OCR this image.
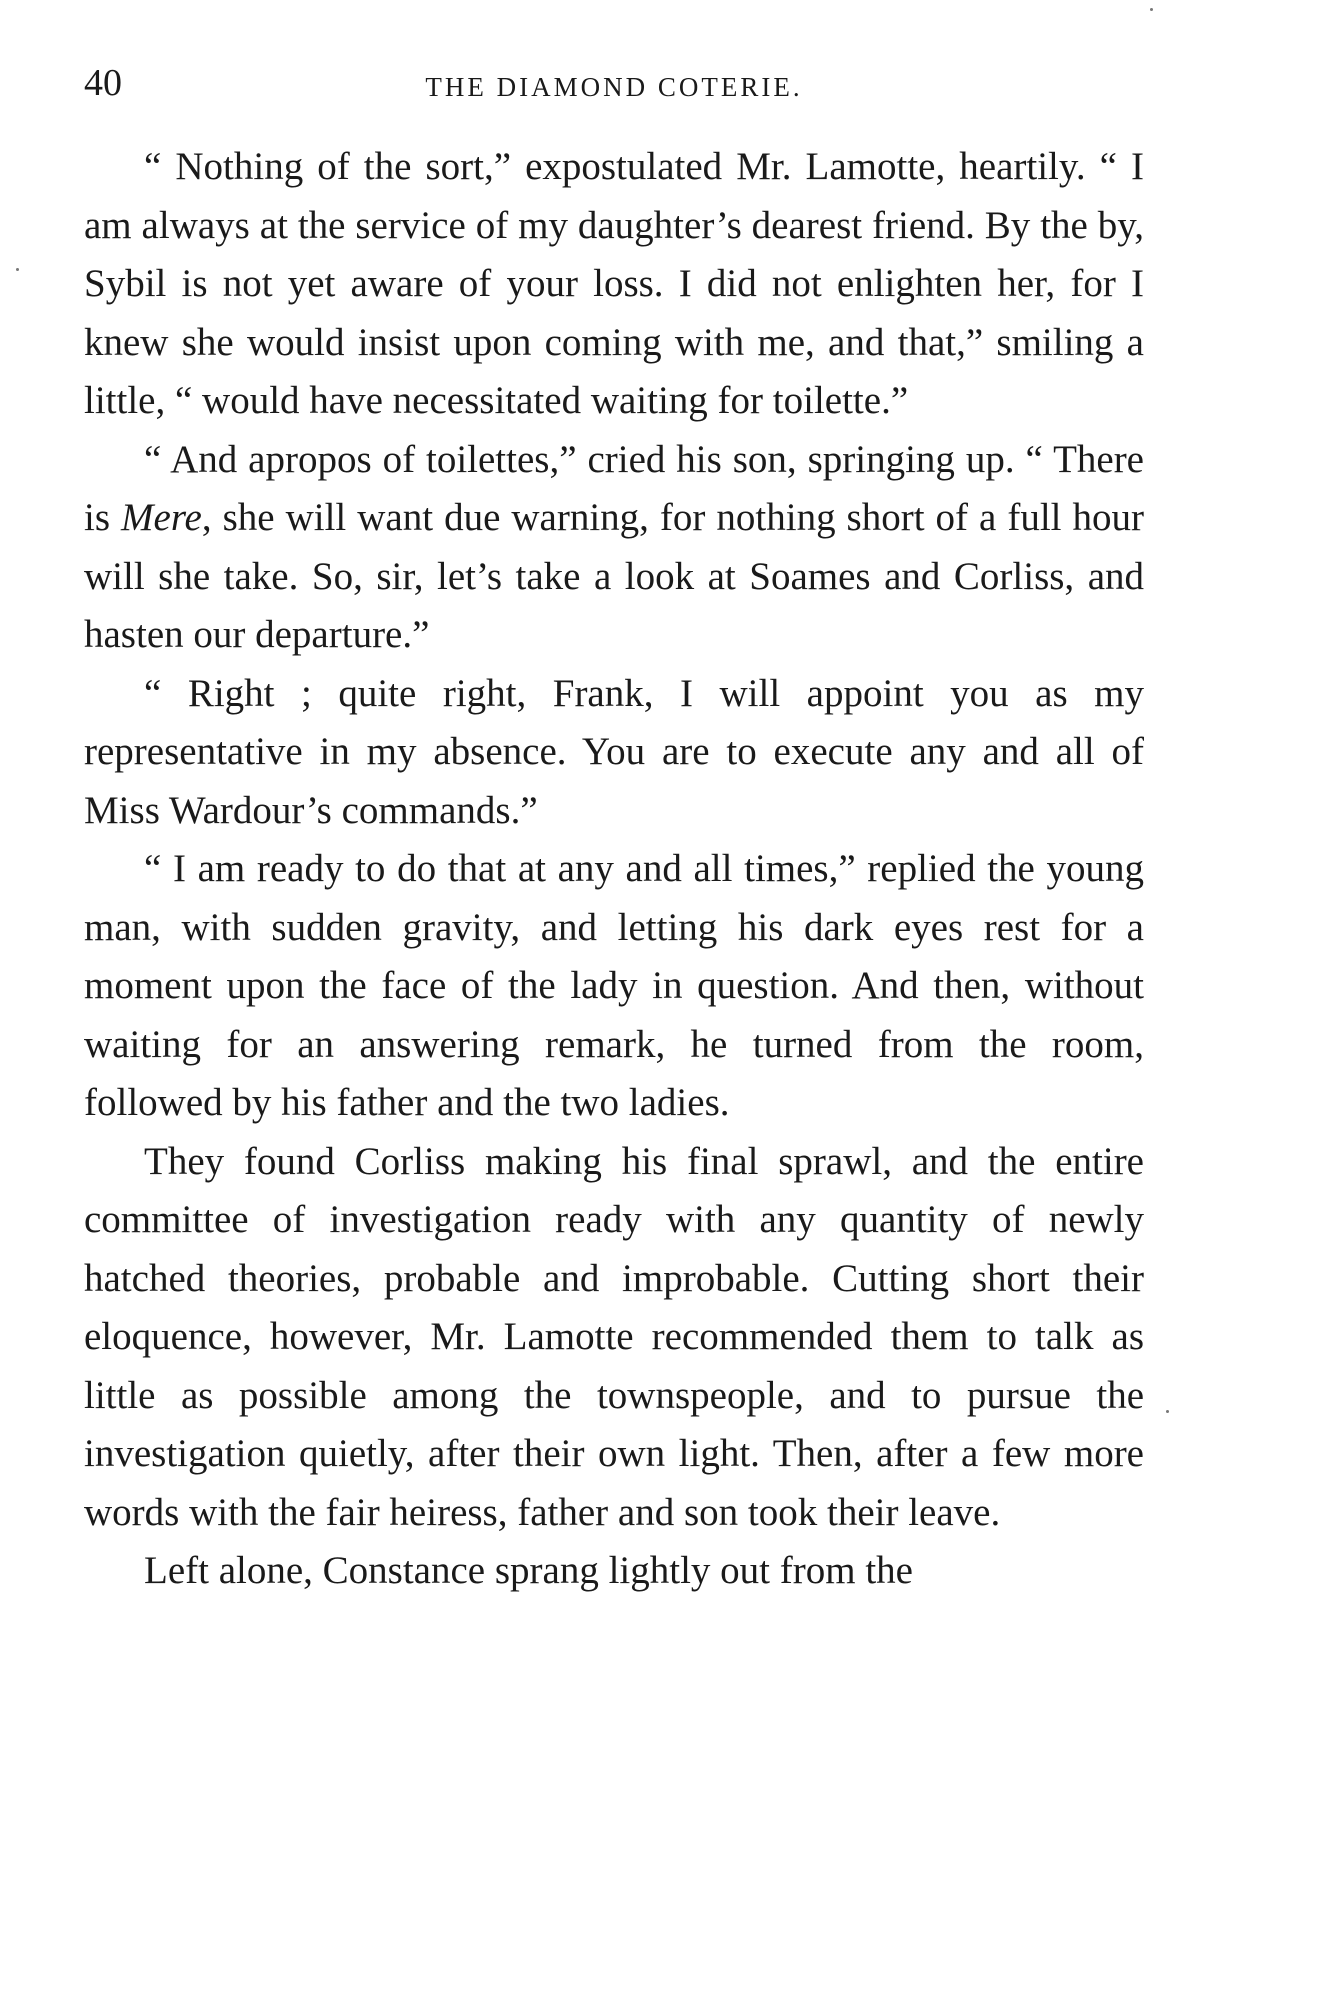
40	THE DIAMOND COTERIE.

“ Nothing of the sort,” expostulated Mr. Lamotte, heartily. “ I am always at the service of my daughter’s dearest friend. By the by, Sybil is not yet aware of your loss. I did not enlighten her, for I knew she would insist upon coming with me, and that,” smiling a little, “ would have necessitated waiting for toilette.”

“ And apropos of toilettes,” cried his son, springing up. “ There is Mere, she will want due warning, for nothing short of a full hour will she take. So, sir, let’s take a look at Soames and Corliss, and hasten our departure.”

“ Right ; quite right, Frank, I will appoint you as my representative in my absence. You are to execute any and all of Miss Wardour’s commands.”

“ I am ready to do that at any and all times,” replied the young man, with sudden gravity, and letting his dark eyes rest for a moment upon the face of the lady in question. And then, without waiting for an answering remark, he turned from the room, followed by his father and the two ladies.

They found Corliss making his final sprawl, and the entire committee of investigation ready with any quantity of newly hatched theories, probable and improbable. Cutting short their eloquence, however, Mr. Lamotte recommended them to talk as little as possible among the townspeople, and to pursue the investigation quietly, after their own light. Then, after a few more words with the fair heiress, father and son took their leave.

Left alone, Constance sprang lightly out from the
